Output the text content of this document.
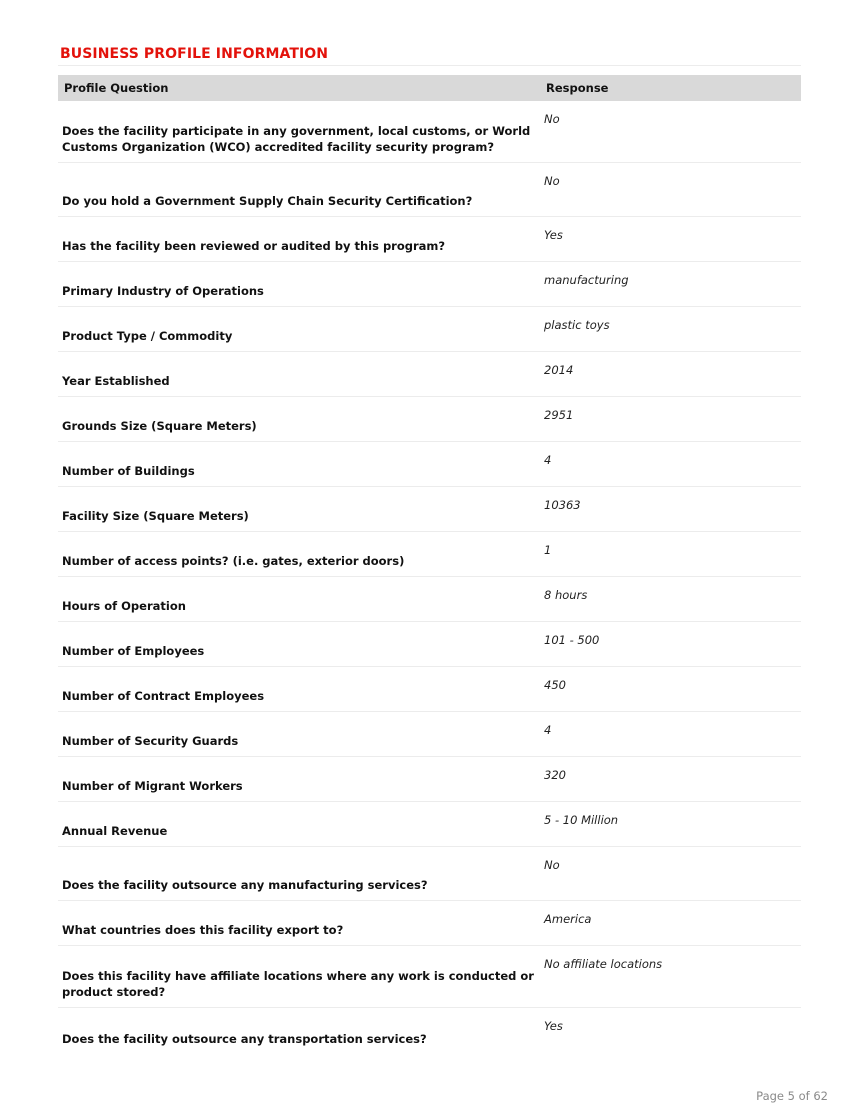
BUSINESS PROFILE INFORMATION
Profile Question	Response
No
Does the facility participate in any government, local customs, or World Customs Organization (WCO) accredited facility security program?
No
Do you hold a Government Supply Chain Security Certification?
Yes
Has the facility been reviewed or audited by this program?
manufacturing
Primary Industry of Operations
plastic toys
Product Type / Commodity
2014
Year Established
2951
Grounds Size (Square Meters)
4
Number of Buildings
10363
Facility Size (Square Meters)
1
Number of access points? (i.e. gates, exterior doors)
8 hours
Hours of Operation
101 - 500
Number of Employees
450
Number of Contract Employees
4
Number of Security Guards
320
Number of Migrant Workers
5 - 10 Million
Annual Revenue
No
Does the facility outsource any manufacturing services?
America
What countries does this facility export to?
No affiliate locations
Does this facility have affiliate locations where any work is conducted or product stored?
Yes
Does the facility outsource any transportation services?
Page 5 of 62
